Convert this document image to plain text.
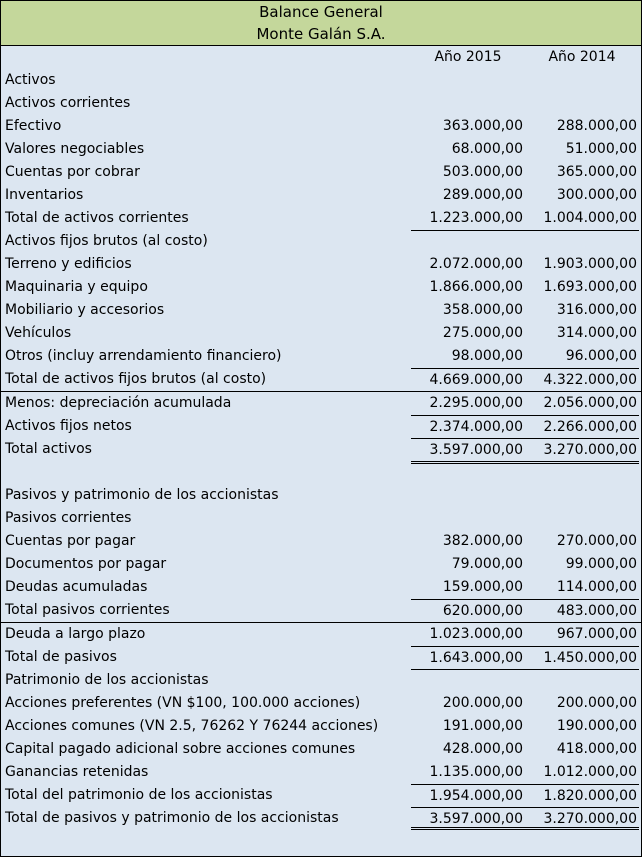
Balance General
Monte Galán S.A.
Año 2015	Año 2014
Activos
Activos corrientes
Efectivo	363.000,00	288.000,00
Valores negociables	68.000,00	51.000,00
Cuentas por cobrar	503.000,00	365.000,00
Inventarios	289.000,00	300.000,00
Total de activos corrientes	1.223.000,00	1.004.000,00
Activos fijos brutos (al costo)
Terreno y edificios	2.072.000,00	1.903.000,00
Maquinaria y equipo	1.866.000,00	1.693.000,00
Mobiliario y accesorios	358.000,00	316.000,00
Vehículos	275.000,00	314.000,00
Otros (incluy arrendamiento financiero)	98.000,00	96.000,00
Total de activos fijos brutos (al costo)	4.669.000,00	4.322.000,00
Menos: depreciación acumulada	2.295.000,00	2.056.000,00
Activos fijos netos	2.374.000,00	2.266.000,00
Total activos	3.597.000,00	3.270.000,00
Pasivos y patrimonio de los accionistas
Pasivos corrientes
Cuentas por pagar	382.000,00	270.000,00
Documentos por pagar	79.000,00	99.000,00
Deudas acumuladas	159.000,00	114.000,00
Total pasivos corrientes	620.000,00	483.000,00
Deuda a largo plazo	1.023.000,00	967.000,00
Total de pasivos	1.643.000,00	1.450.000,00
Patrimonio de los accionistas
Acciones preferentes (VN $100, 100.000 acciones)	200.000,00	200.000,00
Acciones comunes (VN 2.5, 76262 Y 76244 acciones)	191.000,00	190.000,00
Capital pagado adicional sobre acciones comunes	428.000,00	418.000,00
Ganancias retenidas	1.135.000,00	1.012.000,00
Total del patrimonio de los accionistas	1.954.000,00	1.820.000,00
Total de pasivos y patrimonio de los accionistas	3.597.000,00	3.270.000,00
